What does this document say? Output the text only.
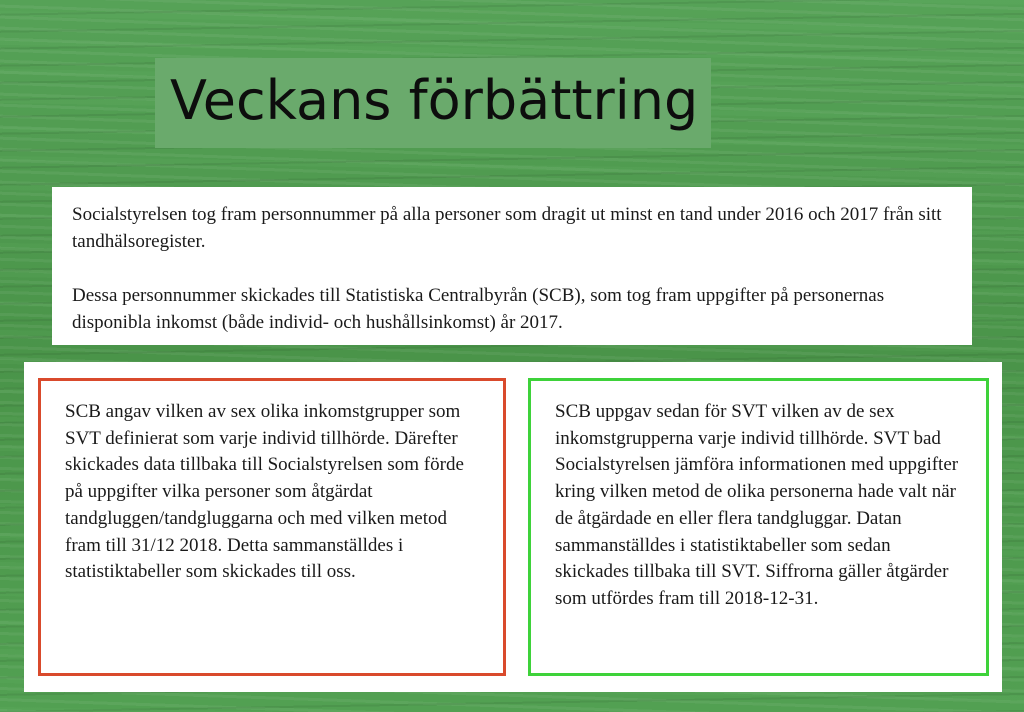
Veckans förbättring

Socialstyrelsen tog fram personnummer på alla personer som dragit ut minst en tand under 2016 och 2017 från sitt tandhälsoregister.

Dessa personnummer skickades till Statistiska Centralbyrån (SCB), som tog fram uppgifter på personernas disponibla inkomst (både individ- och hushållsinkomst) år 2017.

SCB angav vilken av sex olika inkomstgrupper som SVT definierat som varje individ tillhörde. Därefter skickades data tillbaka till Socialstyrelsen som förde på uppgifter vilka personer som åtgärdat tandgluggen/tandgluggarna och med vilken metod fram till 31/12 2018. Detta sammanställdes i statistiktabeller som skickades till oss.

SCB uppgav sedan för SVT vilken av de sex inkomstgrupperna varje individ tillhörde. SVT bad Socialstyrelsen jämföra informationen med uppgifter kring vilken metod de olika personerna hade valt när de åtgärdade en eller flera tandgluggar. Datan sammanställdes i statistiktabeller som sedan skickades tillbaka till SVT. Siffrorna gäller åtgärder som utfördes fram till 2018-12-31.
